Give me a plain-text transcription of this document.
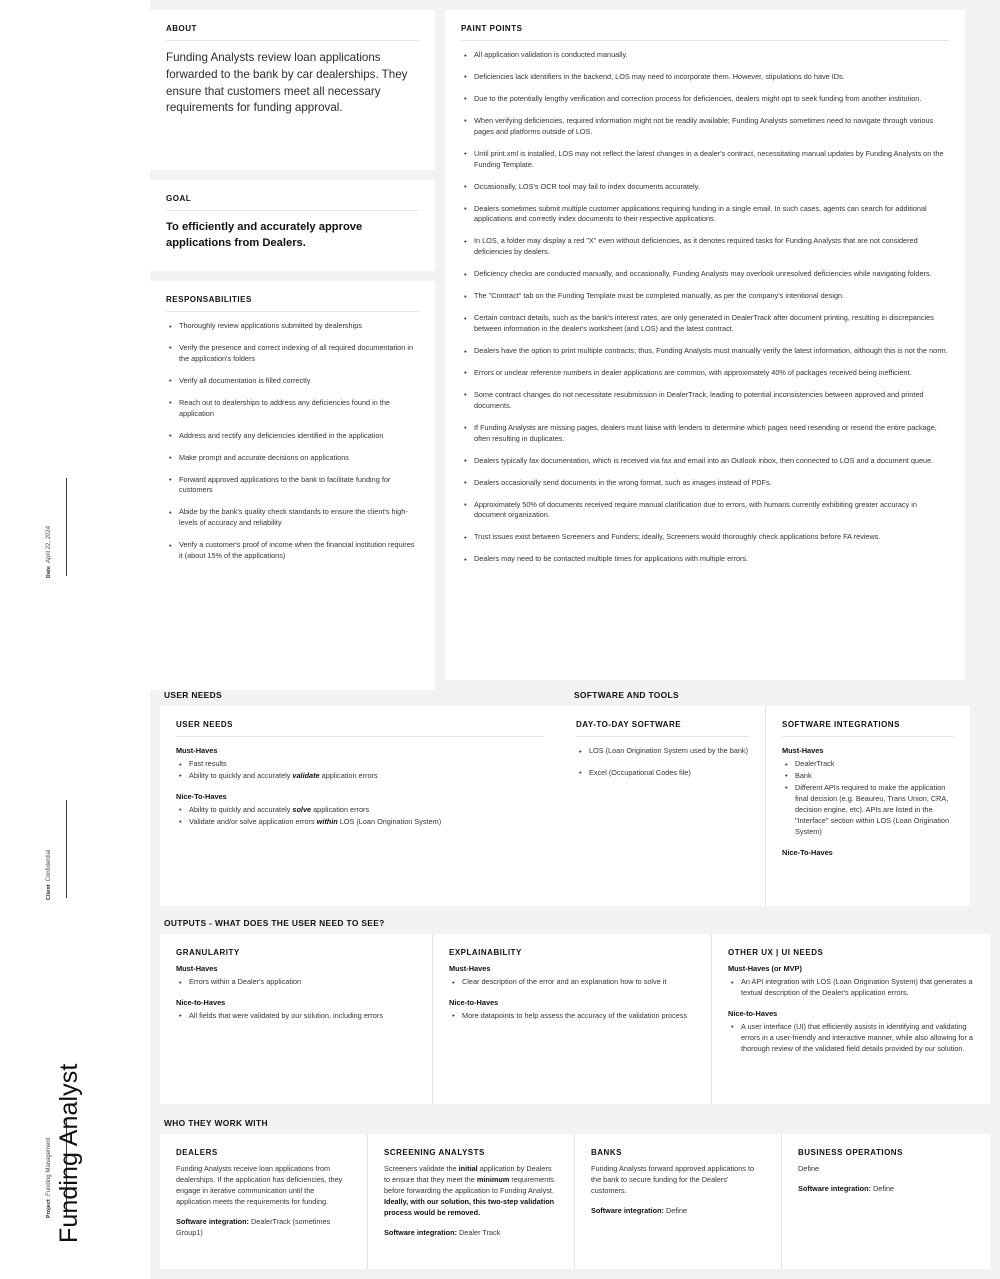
Date
April 22, 2024
Client
Confidential
Project
Funding Management Funding Analyst
ABOUT

Funding Analysts review loan applications forwarded to the bank by car dealerships. They ensure that customers meet all necessary requirements for funding approval.

GOAL

To efficiently and accurately approve applications from Dealers.

RESPONSABILITIES
• Thoroughly review applications submitted by dealerships
• Verify the presence and correct indexing of all required documentation in the application's folders
• Verify all documentation is filled correctly
• Reach out to dealerships to address any deficiencies found in the application
• Address and rectify any deficiencies identified in the application
• Make prompt and accurate decisions on applications
• Forward approved applications to the bank to facilitate funding for customers
• Abide by the bank's quality check standards to ensure the client's high-levels of accuracy and reliability
• Verify a customer's proof of income when the financial institution requires it (about 15% of the applications)
PAINT POINTS
• All application validation is conducted manually.
• Deficiencies lack identifiers in the backend; LOS may need to incorporate them. However, stipulations do have IDs.
• Due to the potentially lengthy verification and correction process for deficiencies, dealers might opt to seek funding from another institution.
• When verifying deficiencies, required information might not be readily available; Funding Analysts sometimes need to navigate through various pages and platforms outside of LOS.
• Until print.xml is installed, LOS may not reflect the latest changes in a dealer's contract, necessitating manual updates by Funding Analysts on the Funding Template.
• Occasionally, LOS's OCR tool may fail to index documents accurately.
• Dealers sometimes submit multiple customer applications requiring funding in a single email. In such cases, agents can search for additional applications and correctly index documents to their respective applications.
• In LOS, a folder may display a red "X" even without deficiencies, as it denotes required tasks for Funding Analysts that are not considered deficiencies by dealers.
• Deficiency checks are conducted manually, and occasionally, Funding Analysts may overlook unresolved deficiencies while navigating folders.
• The "Contract" tab on the Funding Template must be completed manually, as per the company's intentional design.
• Certain contract details, such as the bank's interest rates, are only generated in DealerTrack after document printing, resulting in discrepancies between information in the dealer's worksheet (and LOS) and the latest contract.
• Dealers have the option to print multiple contracts; thus, Funding Analysts must manually verify the latest information, although this is not the norm.
• Errors or unclear reference numbers in dealer applications are common, with approximately 40% of packages received being inefficient.
• Some contract changes do not necessitate resubmission in DealerTrack, leading to potential inconsistencies between approved and printed documents.
• If Funding Analysts are missing pages, dealers must liaise with lenders to determine which pages need resending or resend the entire package, often resulting in duplicates.
• Dealers typically fax documentation, which is received via fax and email into an Outlook inbox, then connected to LOS and a document queue.
• Dealers occasionally send documents in the wrong format, such as images instead of PDFs.
• Approximately 50% of documents received require manual clarification due to errors, with humans currently exhibiting greater accuracy in document organization.
• Trust issues exist between Screeners and Funders; ideally, Screeners would thoroughly check applications before FA reviews.
• Dealers may need to be contacted multiple times for applications with multiple errors.
USER NEEDS
USER NEEDS
Must-Haves
• Fast results
• Ability to quickly and accurately validate application errors
Nice-To-Haves
• Ability to quickly and accurately solve application errors
• Validate and/or solve application errors within LOS (Loan Origination System)
SOFTWARE AND TOOLS
DAY-TO-DAY SOFTWARE
• LOS (Loan Origination System used by the bank)
• Excel (Occupational Codes file)
SOFTWARE INTEGRATIONS
Must-Haves
• DealerTrack
• Bank
• Different APIs required to make the application final decision (e.g. Beaureu, Trans Union, CRA, decision engine, etc). APIs are listed in the "Interface" section within LOS (Loan Origination System)
Nice-To-Haves
OUTPUTS - WHAT DOES THE USER NEED TO SEE?
GRANULARITY
Must-Haves
• Errors within a Dealer's application
Nice-to-Haves
• All fields that were validated by our solution, including errors
EXPLAINABILITY
Must-Haves
• Clear description of the error and an explanation how to solve it
Nice-to-Haves
• More datapoints to help assess the accuracy of the validation process
OTHER UX | UI NEEDS
Must-Haves (or MVP)
• An API integration with LOS (Loan Origination System) that generates a textual description of the Dealer's application errors.
Nice-to-Haves
• A user interface (UI) that efficiently assists in identifying and validating errors in a user-friendly and interactive manner, while also allowing for a thorough review of the validated field details provided by our solution.
WHO THEY WORK WITH
DEALERS

Funding Analysts receive loan applications from dealerships. If the application has deficiencies, they engage in iterative communication until the application meets the requirements for funding.

Software integration: DealerTrack (sometimes Group1)

SCREENING ANALYSTS

Screeners validate the initial application by Dealers to ensure that they meet the minimum requirements before forwarding the application to Funding Analyst. Ideally, with our solution, this two-step validation process would be removed.

Software integration: Dealer Track

BANKS

Funding Analysts forward approved applications to the bank to secure funding for the Dealers' customers.

Software integration: Define

BUSINESS OPERATIONS

Define

Software integration: Define
